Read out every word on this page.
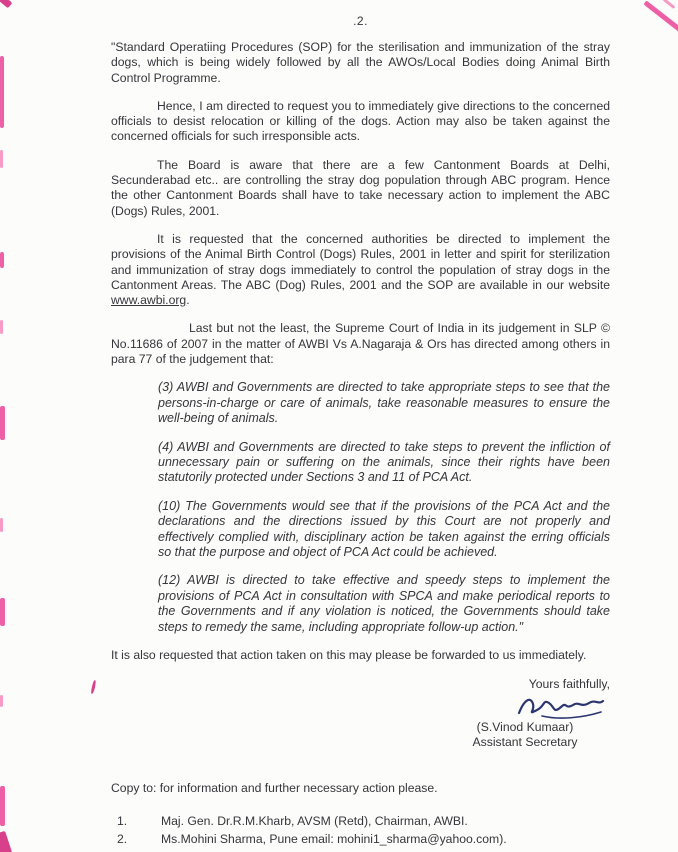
.2.

"Standard Operatiing Procedures (SOP) for the sterilisation and immunization of the stray dogs, which is being widely followed by all the AWOs/Local Bodies doing Animal Birth Control Programme.

Hence, I am directed to request you to immediately give directions to the concerned officials to desist relocation or killing of the dogs. Action may also be taken against the concerned officials for such irresponsible acts.

The Board is aware that there are a few Cantonment Boards at Delhi, Secunderabad etc.. are controlling the stray dog population through ABC program. Hence the other Cantonment Boards shall have to take necessary action to implement the ABC (Dogs) Rules, 2001.

It is requested that the concerned authorities be directed to implement the provisions of the Animal Birth Control (Dogs) Rules, 2001 in letter and spirit for sterilization and immunization of stray dogs immediately to control the population of stray dogs in the Cantonment Areas. The ABC (Dog) Rules, 2001 and the SOP are available in our website www.awbi.org.

Last but not the least, the Supreme Court of India in its judgement in SLP © No.11686 of 2007 in the matter of AWBI Vs A.Nagaraja & Ors has directed among others in para 77 of the judgement that:

(3) AWBI and Governments are directed to take appropriate steps to see that the persons-in-charge or care of animals, take reasonable measures to ensure the well-being of animals.
(4) AWBI and Governments are directed to take steps to prevent the infliction of unnecessary pain or suffering on the animals, since their rights have been statutorily protected under Sections 3 and 11 of PCA Act.
(10) The Governments would see that if the provisions of the PCA Act and the declarations and the directions issued by this Court are not properly and effectively complied with, disciplinary action be taken against the erring officials so that the purpose and object of PCA Act could be achieved.
(12) AWBI is directed to take effective and speedy steps to implement the provisions of PCA Act in consultation with SPCA and make periodical reports to the Governments and if any violation is noticed, the Governments should take steps to remedy the same, including appropriate follow-up action."

It is also requested that action taken on this may please be forwarded to us immediately.

Yours faithfully,
(S.Vinod Kumaar)
Assistant Secretary

Copy to: for information and further necessary action please.

1.	Maj. Gen. Dr.R.M.Kharb, AVSM (Retd), Chairman, AWBI.
2.	Ms.Mohini Sharma, Pune email: mohini1_sharma@yahoo.com).
